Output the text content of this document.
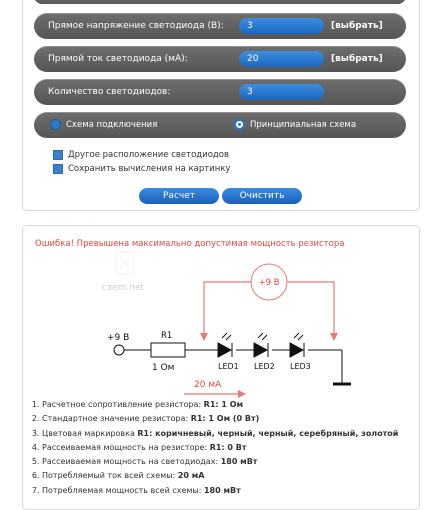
Прямое напряжение светодиода (В):
3	[выбрать]
Прямой ток светодиода (мА):
20	[выбрать]
Количество светодиодов:
3
Схема подключения	Принципиальная схема
Другое расположение светодиодов
Сохранить вычисления на картинку
Расчет	Очистить
Ошибка! Превышена максимально допустимая мощность резистора
cxem.net	+9 В
+9 В	R1
1 Ом	LED1 LED2 LED3
20 мА
1. Расчетное сопротивление резистора: R1: 1 Ом
2. Стандартное значение резистора: R1: 1 Ом (0 Вт)
3. Цветовая маркировка R1: коричневый, черный, черный, серебряный, золотой
4. Рассеиваемая мощность на резисторе: R1: 0 Вт
5. Рассеиваемая мощность на светодиодах: 180 мВт
6. Потребляемый ток всей схемы: 20 мА
7. Потребляемая мощность всей схемы: 180 мВт
